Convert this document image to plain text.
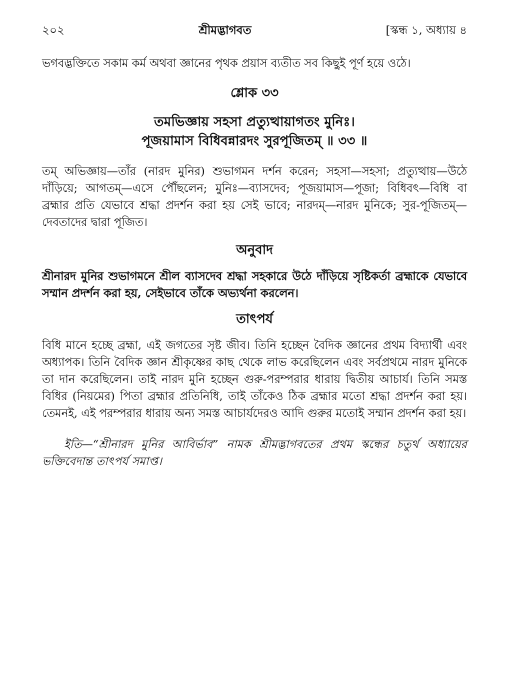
২০২	শ্রীমদ্ভাগবত	[স্কন্ধ ১, অধ্যায় ৪

ভগবদ্ভক্তিতে সকাম কর্ম অথবা জ্ঞানের পৃথক প্রয়াস ব্যতীত সব কিছুই পূর্ণ হয়ে ওঠে।

শ্লোক ৩৩

তমভিজ্ঞায় সহসা প্রত্যুত্থায়াগতং মুনিঃ।

পূজয়ামাস বিধিবন্নারদং সুরপূজিতম্ ॥ ৩৩ ॥

তম্ অভিজ্ঞায়—তাঁর (নারদ মুনির) শুভাগমন দর্শন করেন; সহসা—সহসা; প্রত্যুত্থায়—উঠে দাঁড়িয়ে; আগতম্—এসে পৌঁছলেন; মুনিঃ—ব্যাসদেব; পূজয়ামাস—পূজা; বিধিবৎ—বিধি বা ব্রহ্মার প্রতি যেভাবে শ্রদ্ধা প্রদর্শন করা হয় সেই ভাবে; নারদম্—নারদ মুনিকে; সুর-পূজিতম্—দেবতাদের দ্বারা পূজিত।

অনুবাদ

শ্রীনারদ মুনির শুভাগমনে শ্রীল ব্যাসদেব শ্রদ্ধা সহকারে উঠে দাঁড়িয়ে সৃষ্টিকর্তা ব্রহ্মাকে যেভাবে সম্মান প্রদর্শন করা হয়, সেইভাবে তাঁকে অভ্যর্থনা করলেন।

তাৎপর্য

বিধি মানে হচ্ছে ব্রহ্মা, এই জগতের সৃষ্ট জীব। তিনি হচ্ছেন বৈদিক জ্ঞানের প্রথম বিদ্যার্থী এবং অধ্যাপক। তিনি বৈদিক জ্ঞান শ্রীকৃষ্ণের কাছ থেকে লাভ করেছিলেন এবং সর্বপ্রথমে নারদ মুনিকে তা দান করেছিলেন। তাই নারদ মুনি হচ্ছেন গুরু-পরম্পরার ধারায় দ্বিতীয় আচার্য। তিনি সমস্ত বিধির (নিয়মের) পিতা ব্রহ্মার প্রতিনিধি, তাই তাঁকেও ঠিক ব্রহ্মার মতো শ্রদ্ধা প্রদর্শন করা হয়। তেমনই, এই পরম্পরার ধারায় অন্য সমস্ত আচার্যদেরও আদি গুরুর মতোই সম্মান প্রদর্শন করা হয়।

ইতি—“শ্রীনারদ মুনির আবির্ভাব” নামক শ্রীমদ্ভাগবতের প্রথম স্কন্ধের চতুর্থ অধ্যায়ের ভক্তিবেদান্ত তাৎপর্য সমাপ্ত।
